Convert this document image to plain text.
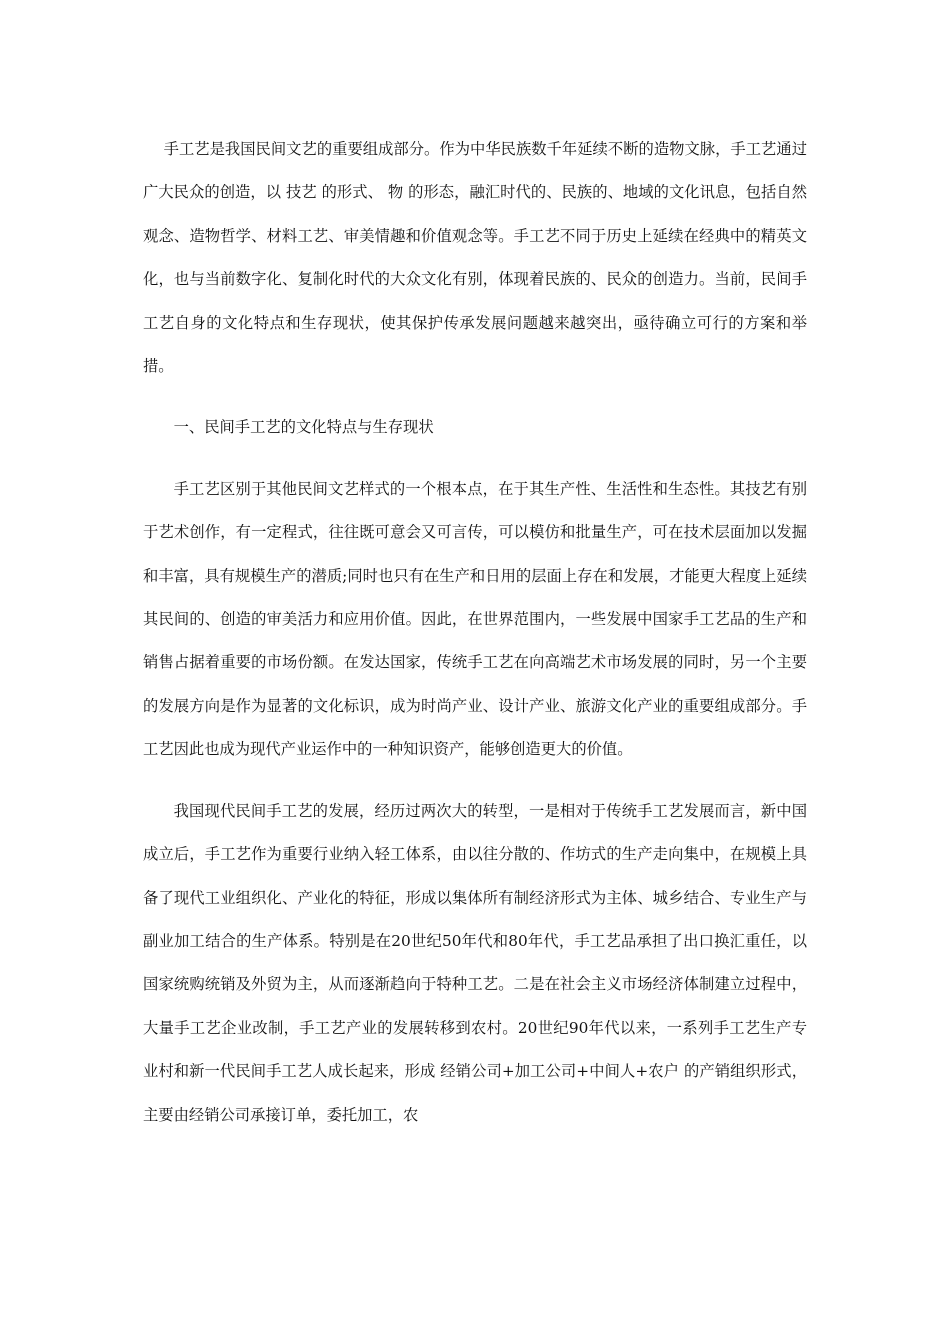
手工艺是我国民间文艺的重要组成部分。作为中华民族数千年延续不断的造物文脉，手工艺通过广大民众的创造，以 技艺 的形式、 物 的形态，融汇时代的、民族的、地域的文化讯息，包括自然观念、造物哲学、材料工艺、审美情趣和价值观念等。手工艺不同于历史上延续在经典中的精英文化，也与当前数字化、复制化时代的大众文化有别，体现着民族的、民众的创造力。当前，民间手工艺自身的文化特点和生存现状，使其保护传承发展问题越来越突出，亟待确立可行的方案和举措。

一、民间手工艺的文化特点与生存现状

手工艺区别于其他民间文艺样式的一个根本点，在于其生产性、生活性和生态性。其技艺有别于艺术创作，有一定程式，往往既可意会又可言传，可以模仿和批量生产，可在技术层面加以发掘和丰富，具有规模生产的潜质;同时也只有在生产和日用的层面上存在和发展，才能更大程度上延续其民间的、创造的审美活力和应用价值。因此，在世界范围内，一些发展中国家手工艺品的生产和销售占据着重要的市场份额。在发达国家，传统手工艺在向高端艺术市场发展的同时，另一个主要的发展方向是作为显著的文化标识，成为时尚产业、设计产业、旅游文化产业的重要组成部分。手工艺因此也成为现代产业运作中的一种知识资产，能够创造更大的价值。

我国现代民间手工艺的发展，经历过两次大的转型，一是相对于传统手工艺发展而言，新中国成立后，手工艺作为重要行业纳入轻工体系，由以往分散的、作坊式的生产走向集中，在规模上具备了现代工业组织化、产业化的特征，形成以集体所有制经济形式为主体、城乡结合、专业生产与副业加工结合的生产体系。特别是在20世纪50年代和80年代，手工艺品承担了出口换汇重任，以国家统购统销及外贸为主，从而逐渐趋向于特种工艺。二是在社会主义市场经济体制建立过程中，大量手工艺企业改制，手工艺产业的发展转移到农村。20世纪90年代以来，一系列手工艺生产专业村和新一代民间手工艺人成长起来，形成 经销公司+加工公司+中间人+农户 的产销组织形式，主要由经销公司承接订单，委托加工，农
